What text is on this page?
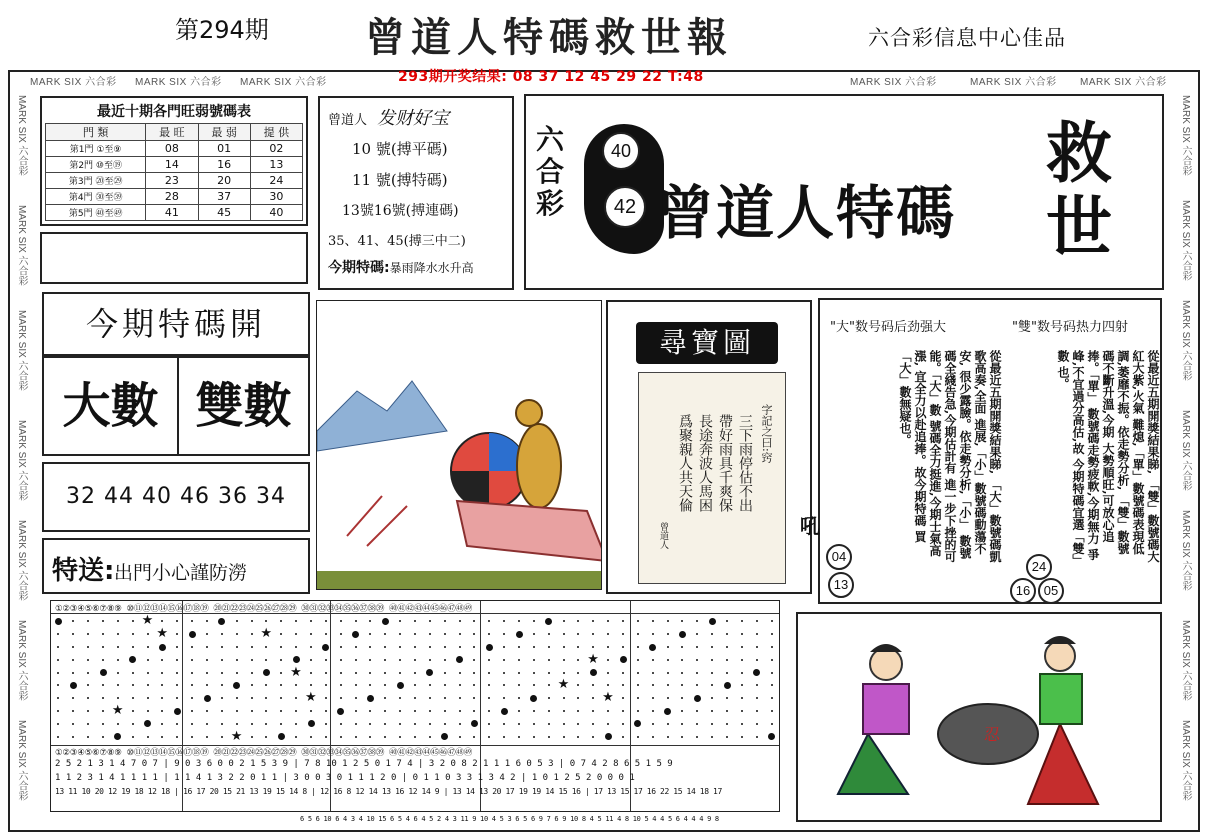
第294期 曾道人特碼救世報	六合彩信息中心佳品
MARK SIX 六合彩 MARK SIX 六合彩 MARK SIX 六合彩	MARK SIX 六合彩	MARK SIX 六合彩 MARK SIX 六合彩
293期开奖结果: 08 37 12 45 29 22 T:48
MARK SIX 六合彩
MARK SIX 六合彩
MARK SIX 六合彩
MARK SIX 六合彩
MARK SIX 六合彩
MARK SIX 六合彩
MARK SIX 六合彩
MARK SIX 六合彩
MARK SIX 六合彩
MARK SIX 六合彩
MARK SIX 六合彩
MARK SIX 六合彩
MARK SIX 六合彩
MARK SIX 六合彩
最近十期各門旺弱號碼表
門 類	最 旺	最 弱	提 供
第1門 ①至⑨	08	01	02
第2門 ⑩至⑲	14	16	13
第3門 ⑳至㉙	23	20	24
第4門 ㉚至㊴	28	37	30
第5門 ㊵至㊾	41	45	40
曾道人 发财好宝
10 號(搏平碼)
11 號(搏特碼)
13號16號(搏連碼)
35、41、45(搏三中二)
今期特碼:暴雨降水水升高
六合彩
40
42 曾道人特碼
救世
今期特碼開
大數 雙數
32 44 40 46 36 34
特送: 出門小心謹防澇
尋寶圖
字記之曰:窍
三下雨停估不出
帶好雨具千爽保
長途奔波人馬困
爲聚親人共天倫
曾道人
"大"数号码后劲强大	"雙"数号码热力四射
從最近五期開獎結果睇, 「雙」數號碼大紅大紫,火氣 難熄,「單」數號碼表現低 調,萎靡不振。依走勢分析, 「雙」數號碼不斷升溫,今期 大勢順旺,可放心追捧。「單」 數號碼走勢疲軟,今期無力 爭峰,不宜過分高估,故 今期特碼宜選「雙」數 也。
從最近五期開獎結果睇, 「大」數號碼凱歌高奏,全面 進展,「小」數號碼動蕩不安, 很少露臉。依走勢分析,「小」 數號碼全綫告急,今期估計有 進一步下挫的可能。「大」數 號碼全力挺進,今期士氣高漲, 宜全力以赴追捧。故今期特碼 買「大」數無疑也。
04
13
24
16	05
吼
①②③④⑤⑥⑦⑧⑨ ⑩⑪⑫⑬⑭⑮⑯⑰⑱⑲ ⑳㉑㉒㉓㉔㉕㉖㉗㉘㉙ ㉚㉛㉜㉝㉞㉟㊱㊲㊳㊴ ㊵㊶㊷㊸㊹㊺㊻㊼㊽㊾
①②③④⑤⑥⑦⑧⑨ ⑩⑪⑫⑬⑭⑮⑯⑰⑱⑲ ⑳㉑㉒㉓㉔㉕㉖㉗㉘㉙ ㉚㉛㉜㉝㉞㉟㊱㊲㊳㊴ ㊵㊶㊷㊸㊹㊺㊻㊼㊽㊾
★
★	★
★
★
★
★
★
★
★
2 5 2 1 3 1 4 7 0 7 | 9 0 3 6 0 0 2 1 5 3 9 | 7 8 10 1 2 5 0 1 7 4 | 3 2 0 8 2 1 1 1 6 0 5 3 | 0 7 4 2 8 6 5 1 5 9
1 1 2 3 1 4 1 1 1 1 | 1 1 4 1 3 2 2 0 1 1 | 3 0 0 3 0 1 1 1 2 0 | 0 1 1 0 3 3 1 3 4 2 | 1 0 1 2 5 2 0 0 0 1
13 11 10 20 12 19 18 12 18 | 16 17 20 15 21 13 19 15 14 8 | 12 16 8 12 14 13 16 12 14 9 | 13 14 13 20 17 19 19 14 15 16 | 17 13 15 17 16 22 15 14 18 17
6 5 6 10 6 4 3 4 10 15 6 5 4 6 4 5 2 4 3 11 9 10 4 5 3 6 5 6 9 7 6 9 10 8 4 5 11 4 8 10 5 4 4 5 6 4 4 4 9 8
忍
